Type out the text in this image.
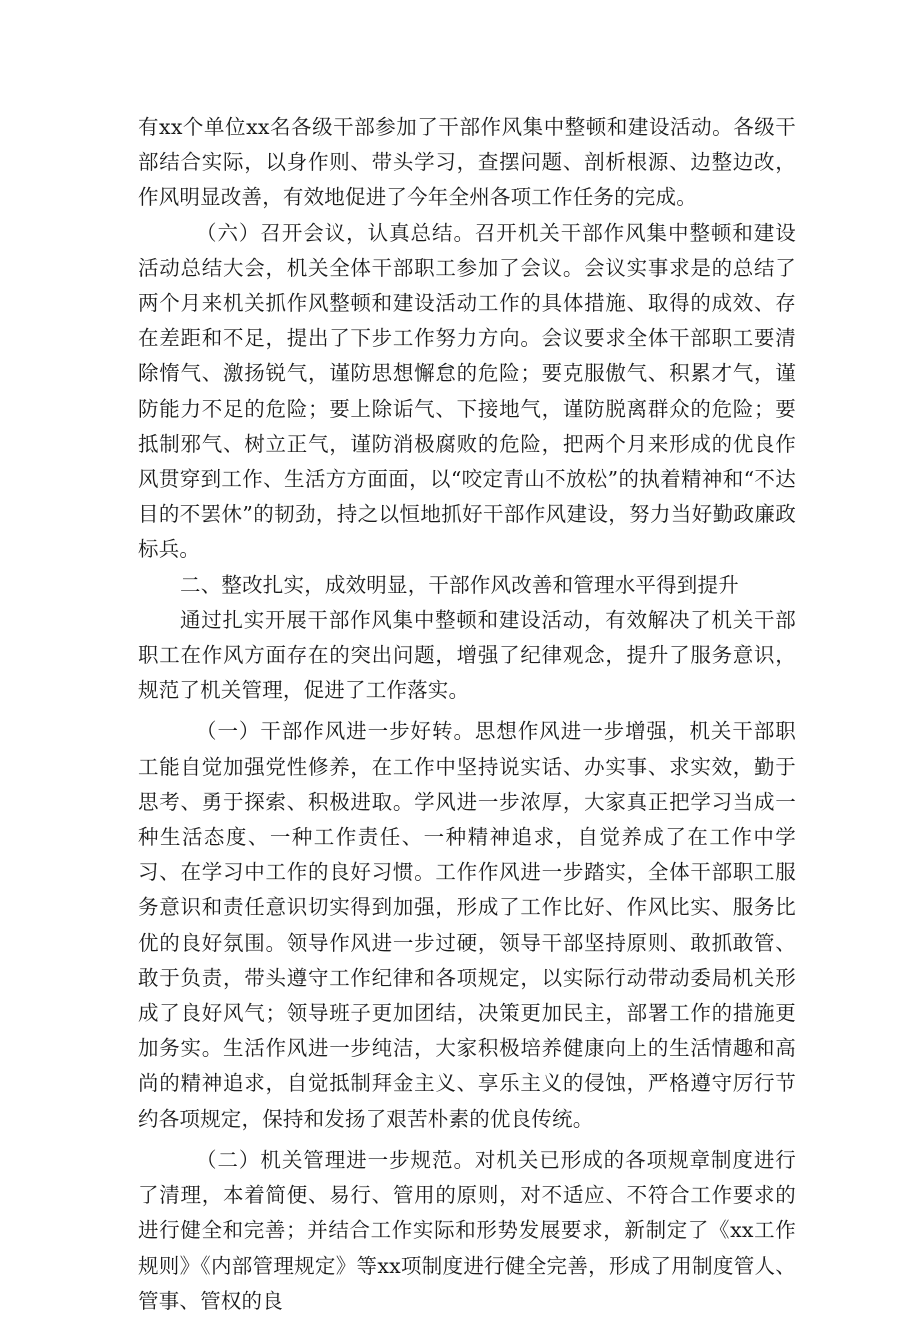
有xx个单位xx名各级干部参加了干部作风集中整顿和建设活动。各级干部结合实际，以身作则、带头学习，查摆问题、剖析根源、边整边改，作风明显改善，有效地促进了今年全州各项工作任务的完成。

（六）召开会议，认真总结。召开机关干部作风集中整顿和建设活动总结大会，机关全体干部职工参加了会议。会议实事求是的总结了两个月来机关抓作风整顿和建设活动工作的具体措施、取得的成效、存在差距和不足，提出了下步工作努力方向。会议要求全体干部职工要清除惰气、激扬锐气，谨防思想懈怠的危险；要克服傲气、积累才气，谨防能力不足的危险；要上除诟气、下接地气，谨防脱离群众的危险；要抵制邪气、树立正气，谨防消极腐败的危险，把两个月来形成的优良作风贯穿到工作、生活方方面面，以“咬定青山不放松”的执着精神和“不达目的不罢休”的韧劲，持之以恒地抓好干部作风建设，努力当好勤政廉政标兵。

二、整改扎实，成效明显，干部作风改善和管理水平得到提升

通过扎实开展干部作风集中整顿和建设活动，有效解决了机关干部职工在作风方面存在的突出问题，增强了纪律观念，提升了服务意识，规范了机关管理，促进了工作落实。

（一）干部作风进一步好转。思想作风进一步增强，机关干部职工能自觉加强党性修养，在工作中坚持说实话、办实事、求实效，勤于思考、勇于探索、积极进取。学风进一步浓厚，大家真正把学习当成一种生活态度、一种工作责任、一种精神追求，自觉养成了在工作中学习、在学习中工作的良好习惯。工作作风进一步踏实，全体干部职工服务意识和责任意识切实得到加强，形成了工作比好、作风比实、服务比优的良好氛围。领导作风进一步过硬，领导干部坚持原则、敢抓敢管、敢于负责，带头遵守工作纪律和各项规定，以实际行动带动委局机关形成了良好风气；领导班子更加团结，决策更加民主，部署工作的措施更加务实。生活作风进一步纯洁，大家积极培养健康向上的生活情趣和高尚的精神追求，自觉抵制拜金主义、享乐主义的侵蚀，严格遵守厉行节约各项规定，保持和发扬了艰苦朴素的优良传统。

（二）机关管理进一步规范。对机关已形成的各项规章制度进行了清理，本着简便、易行、管用的原则，对不适应、不符合工作要求的进行健全和完善；并结合工作实际和形势发展要求，新制定了《xx工作规则》《内部管理规定》等xx项制度进行健全完善，形成了用制度管人、管事、管权的良
